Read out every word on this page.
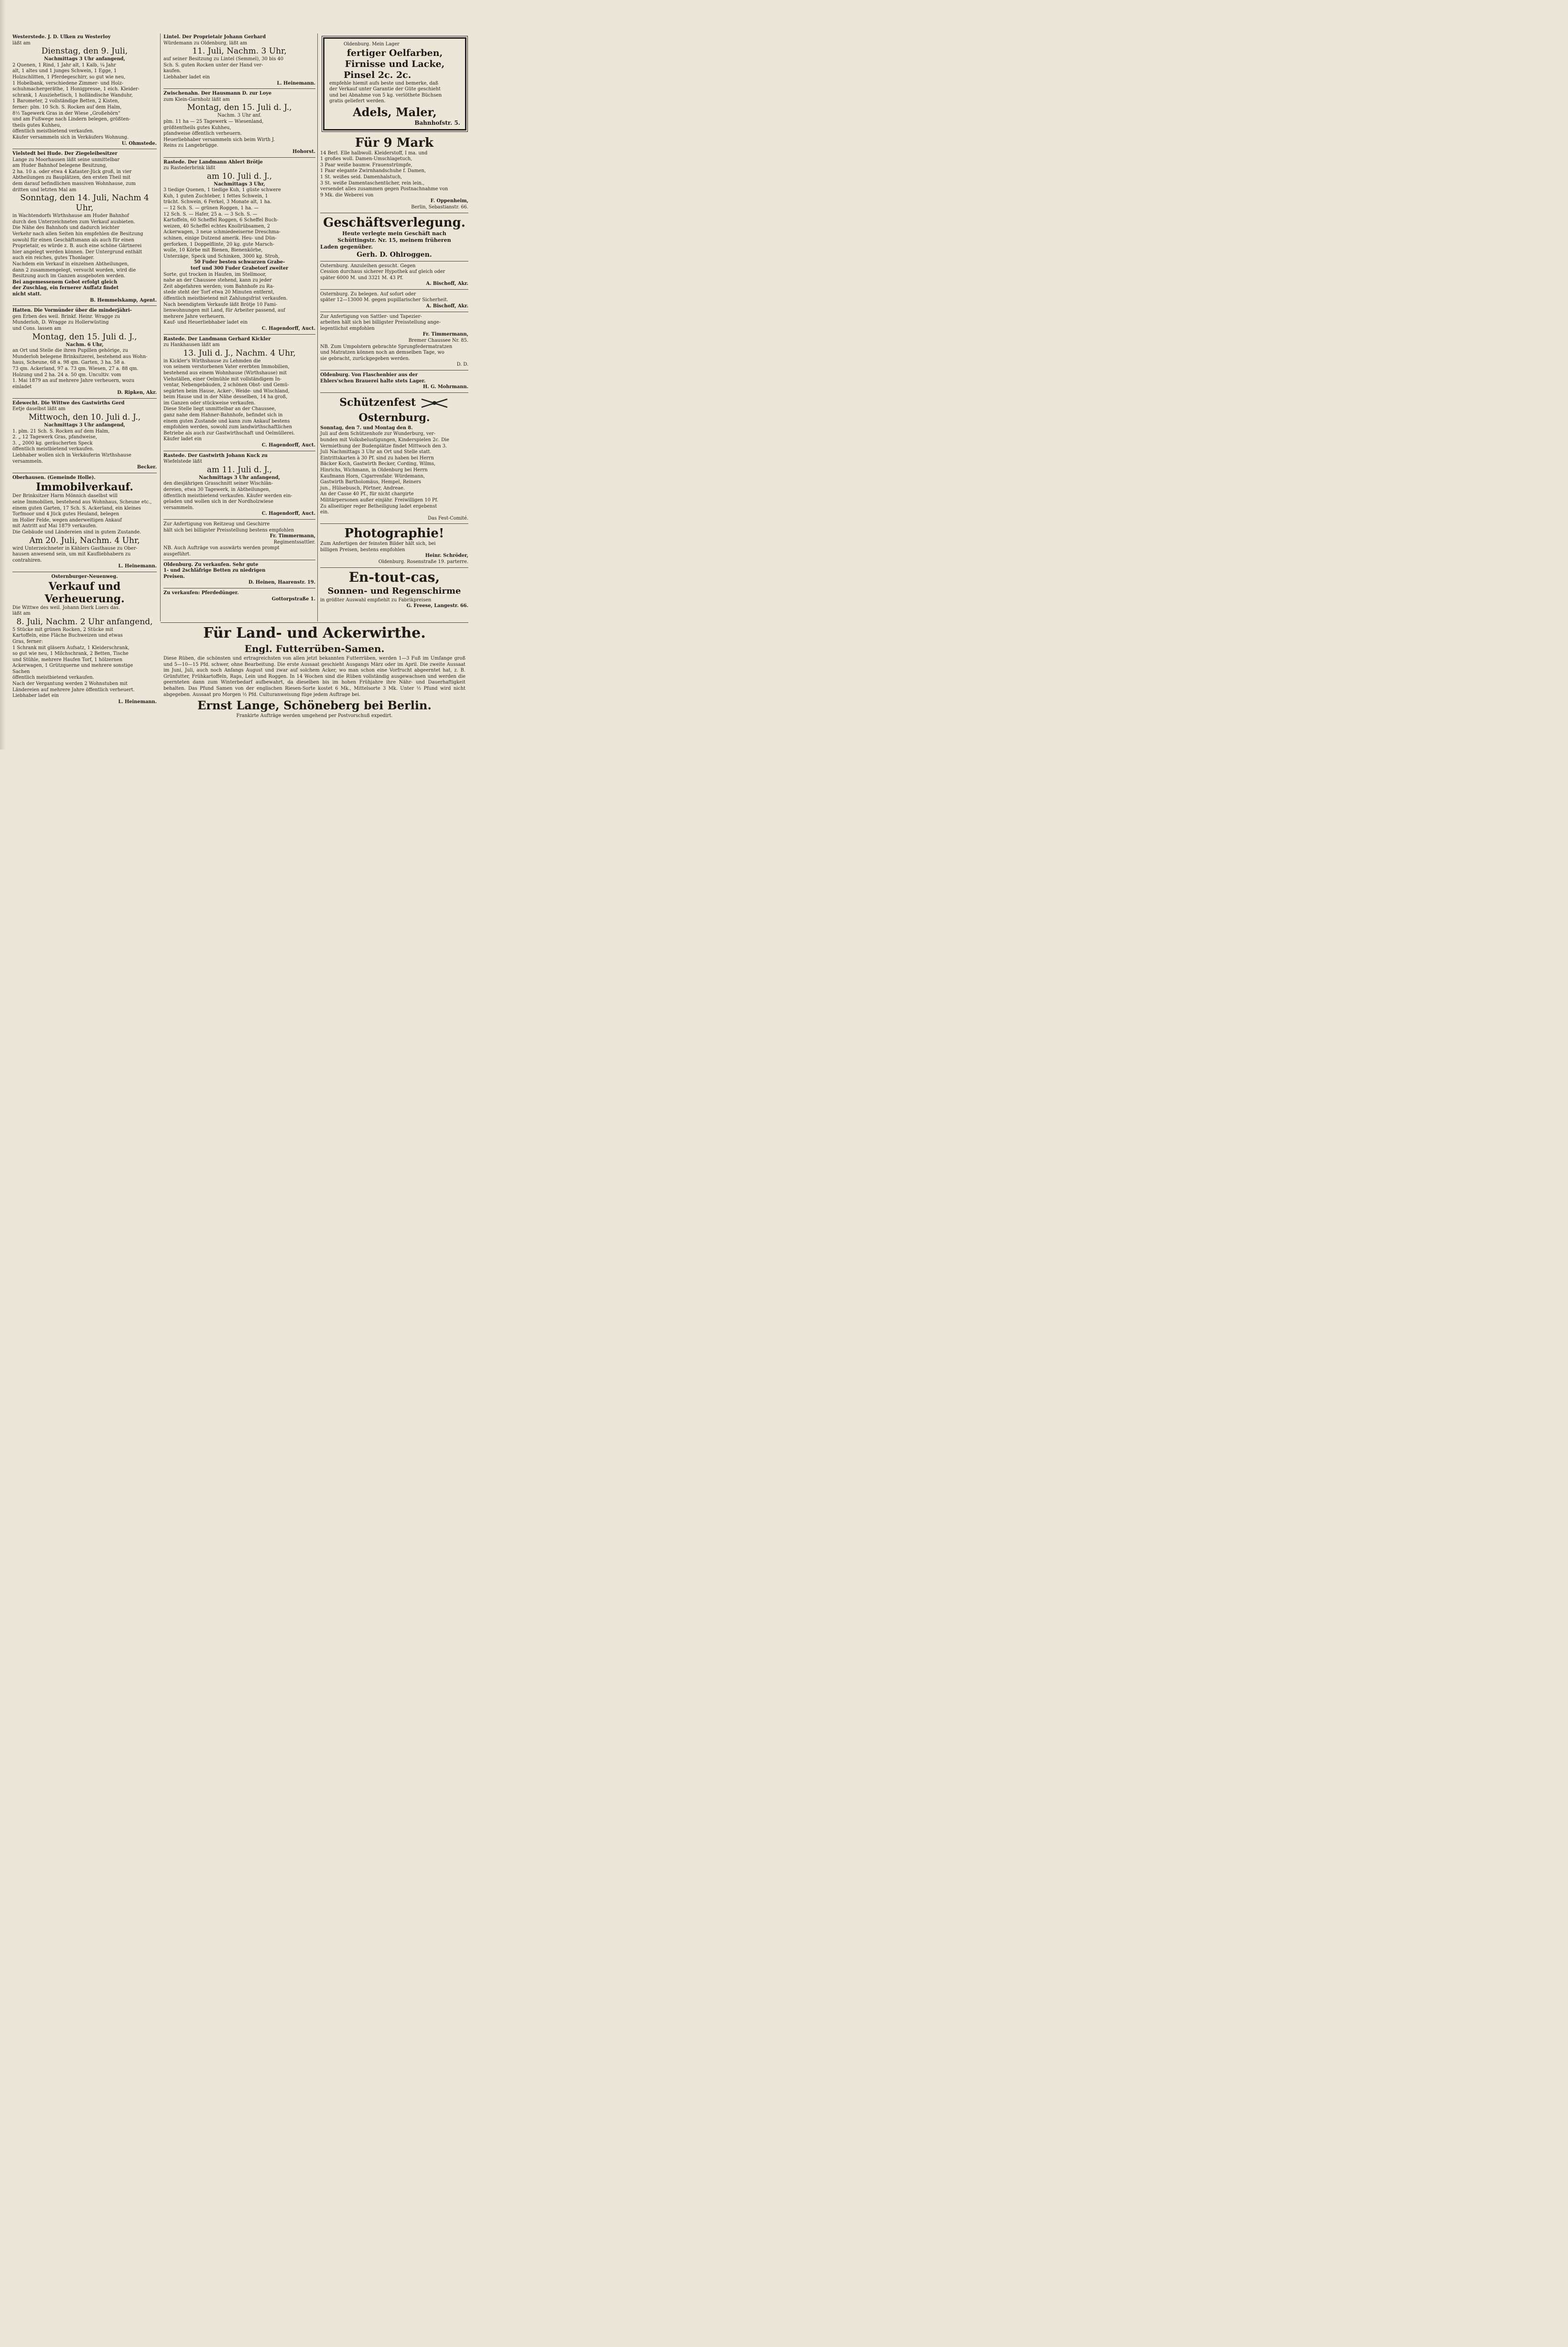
Westerstede. J. D. Ulken zu Westerloy
läßt am
Dienstag, den 9. Juli,
Nachmittags 3 Uhr anfangend,
2 Quenen, 1 Rind, 1 Jahr alt, 1 Kalb, ¼ Jahr
alt, 1 altes und 1 junges Schwein, 1 Egge, 1
Holzschlitten, 1 Pferdegeschirr, so gut wie neu,
1 Hobelbank, verschiedene Zimmer- und Holz-
schuhmachergeräthe, 1 Honigpresse, 1 eich. Kleider-
schrank, 1 Ausziehetisch, 1 holländische Wanduhr,
1 Barometer, 2 vollständige Betten, 2 Kisten,
ferner: plm. 10 Sch. S. Rocken auf dem Halm,
8½ Tagewerk Gras in der Wiese „Großehörn"
und am Fußwege nach Lindern belegen, größten-
theils gutes Kuhheu,
öffentlich meistbietend verkaufen.
Käufer versammeln sich in Verkäufers Wohnung.
U. Ohmstede.
Vielstedt bei Hude. Der Ziegeleibesitzer
Lange zu Moorhausen läßt seine unmittelbar
am Huder Bahnhof belegene Besitzung,
2 ha. 10 a. oder etwa 4 Kataster-Jück groß, in vier
Abtheilungen zu Bauplätzen, den ersten Theil mit
dem darauf befindlichen massiven Wohnhause, zum
dritten und letzten Mal am
Sonntag, den 14. Juli, Nachm 4 Uhr,
in Wachtendorfs Wirthshause am Huder Bahnhof
durch den Unterzeichneten zum Verkauf ausbieten.
Die Nähe des Bahnhofs und dadurch leichter
Verkehr nach allen Seiten hin empfehlen die Besitzung
sowohl für einen Geschäftsmann als auch für einen
Proprietair, es würde z. B. auch eine schöne Gärtnerei
hier angelegt werden können. Der Untergrund enthält
auch ein reiches, gutes Thonlager.
Nachdem ein Verkauf in einzelnen Abtheilungen,
dann 2 zusammengelegt, versucht worden, wird die
Besitzung auch im Ganzen ausgeboten werden.
Bei angemessenem Gebot erfolgt gleich
der Zuschlag, ein fernerer Auffatz findet
nicht statt.
B. Hemmelskamp, Agent.
Hatten. Die Vormünder über die minderjähri-
gen Erben des weil. Brinkf. Heinr. Wragge zu
Munderloh, D. Wragge zu Hollerwüsting
und Cons. lassen am
Montag, den 15. Juli d. J.,
Nachm. 6 Uhr,
an Ort und Stelle die ihren Pupillen gehörige, zu
Munderloh belegene Brinksitzerei, bestehend aus Wohn-
haus, Scheune, 68 a. 98 qm. Garten, 3 ha. 58 a.
73 qm. Ackerland, 97 a. 73 qm. Wiesen, 27 a. 88 qm.
Holzung und 2 ha. 24 a. 50 qm. Uncultiv. vom
1. Mai 1879 an auf mehrere Jahre verheuern, wozu
einladet
D. Ripken, Akr.
Edewecht. Die Wittwe des Gastwirths Gerd
Eetje daselbst läßt am
Mittwoch, den 10. Juli d. J.,
Nachmittags 3 Uhr anfangend,
1. plm. 21 Sch. S. Rocken auf dem Halm,
2. „ 12 Tagewerk Gras, pfandweise,
3. „ 2000 kg. geräucherten Speck
öffentlich meistbietend verkaufen.
Liebhaber wollen sich in Verkäuferin Wirthshause
versammeln.
Becker.
Oberhausen. (Gemeinde Holle).
Immobilverkauf.
Der Brinksitzer Harm Mönnich daselbst will
seine Immobilien, bestehend aus Wohnhaus, Scheune etc.,
einem guten Garten, 17 Sch. S. Ackerland, ein kleines
Torfmoor und 4 Jück gutes Heuland, belegen
im Holler Felde, wegen anderweitigen Ankauf
mit Antritt auf Mai 1879 verkaufen.
Die Gebäude und Ländereien sind in gutem Zustande.
Am 20. Juli, Nachm. 4 Uhr,
wird Unterzeichneter in Kählers Gasthause zu Ober-
hausen anwesend sein, um mit Kaufliebhabern zu
contrahiren.
L. Heinemann.
Osternburger-Neuenweg.
Verkauf und Verheuerung.
Die Wittwe des weil. Johann Dierk Luers das.
läßt am
8. Juli, Nachm. 2 Uhr anfangend,
5 Stücke mit grünen Rocken, 2 Stücke mit
Kartoffeln, eine Fläche Buchweizen und etwas
Gras, ferner:
1 Schrank mit gläsern Aufsatz, 1 Kleiderschrank,
so gut wie neu, 1 Milchschrank, 2 Betten, Tische
und Stühle, mehrere Haufen Torf, 1 hölzernen
Ackerwagen, 1 Grützquerne und mehrere sonstige
Sachen
öffentlich meistbietend verkaufen.
Nach der Vergantung werden 2 Wohnstuben mit
Ländereien auf mehrere Jahre öffentlich verheuert.
Liebhaber ladet ein
L. Heinemann.
Lintel. Der Proprietair Johann Gerhard
Würdemann zu Oldenburg, läßt am
11. Juli, Nachm. 3 Uhr,
auf seiner Besitzung zu Lintel (Semmel), 30 bis 40
Sch. S. guten Rocken unter der Hand ver-
kaufen.
Liebhaber ladet ein
L. Heinemann.
Zwischenahn. Der Hausmann D. zur Loye
zum Klein-Garnholz läßt am
Montag, den 15. Juli d. J.,
Nachm. 3 Uhr anf.
plm. 11 ha — 25 Tagewerk — Wiesenland,
größtentheils gutes Kuhheu,
pfandweise öffentlich verheuern.
Heuerliebhaber versammeln sich beim Wirth J.
Reins zu Langebrügge.
Hohorst.
Rastede. Der Landmann Ahlert Brötje
zu Rastederbrink läßt
am 10. Juli d. J.,
Nachmittags 3 Uhr,
3 tiedige Quenen, 1 tiedige Kuh, 1 güste schwere
Kuh, 1 guten Zuchteber, 1 fettes Schwein, 1
trächt. Schwein, 6 Ferkel, 3 Monate alt, 1 ha.
— 12 Sch. S. — grünen Roggen, 1 ha. —
12 Sch. S. — Hafer, 25 a. — 3 Sch. S. —
Kartoffeln, 60 Scheffel Roggen, 6 Scheffel Buch-
weizen, 40 Scheffel echtes Knollrübsamen, 2
Ackerwagen, 3 neue schmiedeeiserne Dreschma-
schinen, einige Dutzend amerik. Heu- und Dün-
gerforken, 1 Doppelflinte, 20 kg. gute Marsch-
wolle, 10 Körbe mit Bienen, Bienenkörbe,
Unterzäge, Speck und Schinken, 3000 kg. Stroh,
50 Fuder besten schwarzen Grabe-
torf und 300 Fuder Grabetorf zweiter
Sorte, gut trocken in Haufen, im Stellmoor,
nahe an der Chaussee stehend, kann zu jeder
Zeit abgefahren werden; vom Bahnhofe zu Ra-
stede steht der Torf etwa 20 Minuten entfernt,
öffentlich meistbietend mit Zahlungsfrist verkaufen.
Nach beendigtem Verkaufe läßt Brötje 10 Fami-
lienwohnungen mit Land, für Arbeiter passend, auf
mehrere Jahre verheuern.
Kauf- und Heuerliebhaber ladet ein
C. Hagendorff, Auct.
Rastede. Der Landmann Gerhard Kickler
zu Hankhausen läßt am
13. Juli d. J., Nachm. 4 Uhr,
in Kickler's Wirthshause zu Lehmden die
von seinem verstorbenen Vater ererbten Immobilien,
bestehend aus einem Wohnhause (Wirthshause) mit
Viehställen, einer Oelmühle mit vollständigem In-
ventar, Nebengebäuden, 2 schönen Obst- und Gemü-
segärten beim Hause, Acker-, Weide- und Wischland,
beim Hause und in der Nähe desselben, 14 ha groß,
im Ganzen oder stückweise verkaufen.
Diese Stelle liegt unmittelbar an der Chaussee,
ganz nahe dem Hahner-Bahnhofe, befindet sich in
einem guten Zustande und kann zum Ankauf bestens
empfohlen werden, sowohl zum landwirthschaftlichen
Betriebe als auch zur Gastwirthschaft und Oelmüllerei.
Käufer ladet ein
C. Hagendorff, Auct.
Rastede. Der Gastwirth Johann Kuck zu
Wiefelstede läßt
am 11. Juli d. J.,
Nachmittags 3 Uhr anfangend,
den diesjährigen Grasschnitt seiner Wischlän-
dereien, etwa 30 Tagewerk, in Abtheilungen,
öffentlich meistbietend verkaufen. Käufer werden ein-
geladen und wollen sich in der Nordholzwiese
versammeln.
C. Hagendorff, Auct.
Zur Anfertigung von Reitzeug und Geschirre
hält sich bei billigster Preisstellung bestens empfohlen
Fr. Timmermann,
Regimentssattler.
NB. Auch Aufträge von auswärts werden prompt
ausgeführt.
Oldenburg. Zu verkaufen. Sehr gute
1- und 2schläfrige Betten zu niedrigen
Preisen.
D. Heinen, Haarenstr. 19.
Zu verkaufen: Pferdedünger.
Gottorpstraße 1.
Oldenburg. Mein Lager
fertiger Oelfarben,
Firnisse und Lacke,
Pinsel 2c. 2c.
empfehle hiemit aufs beste und bemerke, daß
der Verkauf unter Garantie der Güte geschieht
und bei Abnahme von 5 kg. verlöthete Büchsen
gratis geliefert werden.
Adels, Maler,
Bahnhofstr. 5.
Für 9 Mark
14 Berl. Elle halbwoll. Kleiderstoff, I ma. und
1 großes woll. Damen-Umschlagetuch,
3 Paar weiße baumw. Frauenstrümpfe,
1 Paar elegante Zwirnhandschuhe f. Damen,
1 St. weißes seid. Damenhalstuch,
3 St. weiße Damentaschentücher, rein lein.,
versendet alles zusammen gegen Postnachnahme von
9 Mk. die Weberei von
F. Oppenheim,
Berlin, Sebastianstr. 66.
Geschäftsverlegung.
Heute verlegte mein Geschäft nach
Schüttingstr. Nr. 15, meinem früheren
Laden gegenüber.
Gerh. D. Ohlroggen.
Osternburg. Anzuleihen gesucht. Gegen
Cession durchaus sicherer Hypothek auf gleich oder
später 6000 M. und 3321 M. 43 Pf.
A. Bischoff, Akr.
Osternburg. Zu belegen. Auf sofort oder
später 12—13000 M. gegen pupillarischer Sicherheit.
A. Bischoff, Akr.
Zur Anfertigung von Sattler- und Tapezier-
arbeiten hält sich bei billigster Preisstellung ange-
legentlichst empfohlen
Fr. Timmermann,
Bremer Chaussee Nr. 85.
NB. Zum Umpolstern gebrachte Sprungfedermatratzen
und Matratzen können noch an demselben Tage, wo
sie gebracht, zurückgegeben werden.
D. D.
Oldenburg. Von Flaschenbier aus der
Ehlers'schen Brauerei halte stets Lager.
H. G. Mohrmann.
Schützenfest  Osternburg.
Sonntag, den 7. und Montag den 8.
Juli auf dem Schützenhofe zur Wunderburg, ver-
bunden mit Volksbelustigungen, Kinderspielen 2c. Die
Vermiethung der Budenplätze findet Mittwoch den 3.
Juli Nachmittags 3 Uhr an Ort und Stelle statt.
Eintrittskarten à 30 Pf. sind zu haben bei Herrn
Bäcker Koch, Gastwirth Becker, Cording, Wilms,
Hinrichs, Wichmann, in Oldenburg bei Herrn
Kaufmann Horn, Cigarrenfabr. Würdemann,
Gastwirth Bartholomäus, Hempel, Reiners
jun., Hülsebusch, Pörtner, Andreae.
An der Casse 40 Pf., für nicht chargirte
Militärpersonen außer einjähr. Freiwilligen 10 Pf.
Zu allseitiger reger Betheiligung ladet ergebenst
ein.
Das Fest-Comité.
Photographie!
Zum Anfertigen der feinsten Bilder hält sich, bei
billigen Preisen, bestens empfohlen
Heinr. Schröder,
Oldenburg. Rosenstraße 19. parterre.
En-tout-cas,
Sonnen- und Regenschirme
in größter Auswahl empfiehlt zu Fabrikpreisen
G. Freese, Langestr. 66.
Für Land- und Ackerwirthe.
Engl. Futterrüben-Samen.
Diese Rüben, die schönsten und ertragreichsten von allen jetzt bekannten Futterrüben, werden 1—3 Fuß im Umfange groß und 5—10—15 Pfd. schwer, ohne Bearbeitung. Die erste Aussaat geschieht Ausgangs März oder im April. Die zweite Aussaat im Juni, Juli, auch noch Anfangs August und zwar auf solchem Acker, wo man schon eine Vorfrucht abgeerntet hat, z. B. Grünfutter, Frühkartoffeln, Raps, Lein und Roggen. In 14 Wochen sind die Rüben vollständig ausgewachsen und werden die geernteten dann zum Winterbedarf aufbewahrt, da dieselben bis im hohen Frühjahre ihre Nähr- und Dauerhaftigkeit behalten. Das Pfund Samen von der englischen Riesen-Sorte kostet 6 Mk., Mittelsorte 3 Mk. Unter ½ Pfund wird nicht abgegeben. Aussaat pro Morgen ½ Pfd. Culturanweisung füge jedem Auftrage bei.
Ernst Lange, Schöneberg bei Berlin.
Frankirte Aufträge werden umgehend per Postvorschuß expedirt.
